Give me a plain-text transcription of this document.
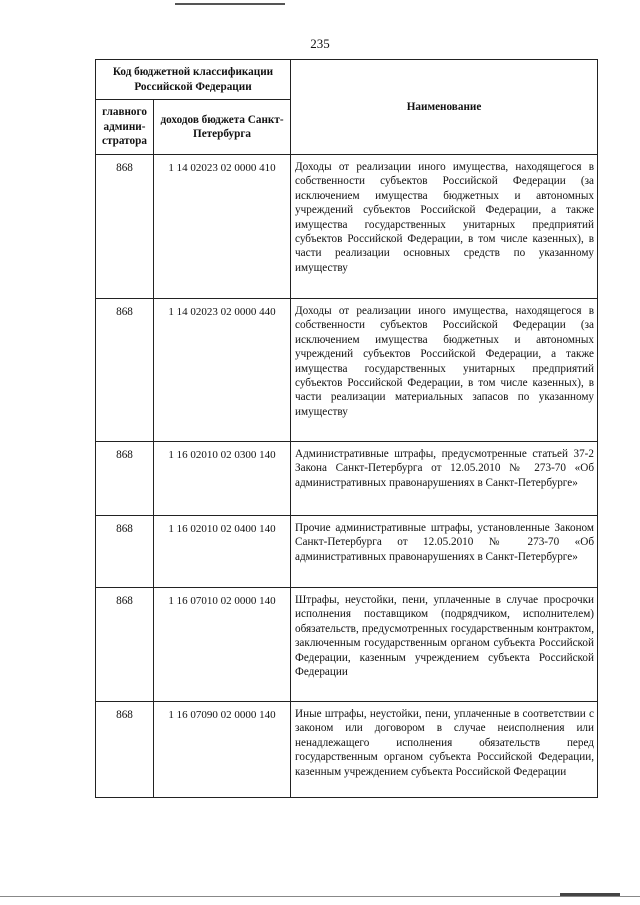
235
Код бюджетной классификации Российской Федерации		Наименование
главного админи-стратора	доходов бюджета Санкт-Петербурга	
868	1 14 02023 02 0000 410	Доходы от реализации иного имущества, находящегося в собственности субъектов Российской Федерации (за исключением имущества бюджетных и автономных учреждений субъектов Российской Федерации, а также имущества государственных унитарных предприятий субъектов Российской Федерации, в том числе казенных), в части реализации основных средств по указанному имуществу
868	1 14 02023 02 0000 440	Доходы от реализации иного имущества, находящегося в собственности субъектов Российской Федерации (за исключением имущества бюджетных и автономных учреждений субъектов Российской Федерации, а также имущества государственных унитарных предприятий субъектов Российской Федерации, в том числе казенных), в части реализации материальных запасов по указанному имуществу
868	1 16 02010 02 0300 140	Административные штрафы, предусмотренные статьей 37-2 Закона Санкт-Петербурга от 12.05.2010 № 273-70 «Об административных правонарушениях в Санкт-Петербурге»
868	1 16 02010 02 0400 140	Прочие административные штрафы, установленные Законом Санкт-Петербурга от 12.05.2010 № 273-70 «Об административных правонарушениях в Санкт-Петербурге»
868	1 16 07010 02 0000 140	Штрафы, неустойки, пени, уплаченные в случае просрочки исполнения поставщиком (подрядчиком, исполнителем) обязательств, предусмотренных государственным контрактом, заключенным государственным органом субъекта Российской Федерации, казенным учреждением субъекта Российской Федерации
868	1 16 07090 02 0000 140	Иные штрафы, неустойки, пени, уплаченные в соответствии с законом или договором в случае неисполнения или ненадлежащего исполнения обязательств перед государственным органом субъекта Российской Федерации, казенным учреждением субъекта Российской Федерации
